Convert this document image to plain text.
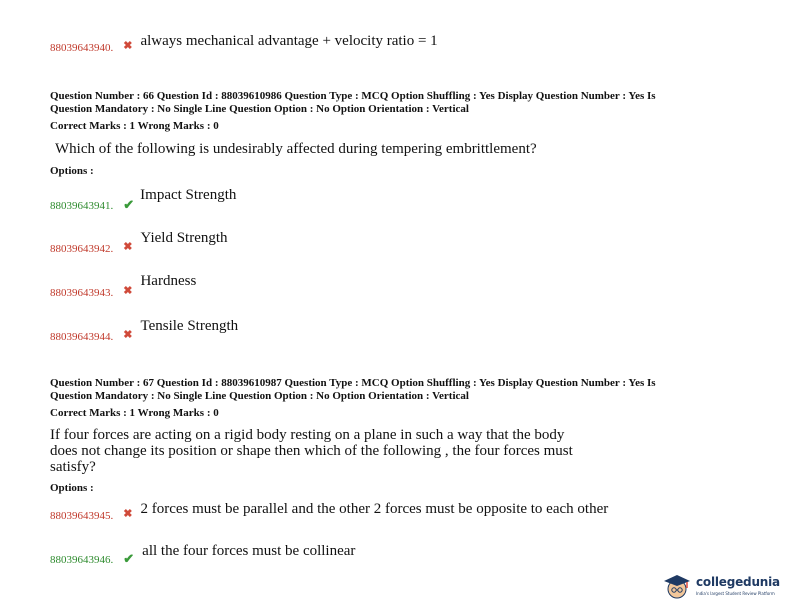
$_{88039643940.}$ ✖ always mechanical advantage + velocity ratio = 1
Question Number : 66 Question Id : 88039610986 Question Type : MCQ Option Shuffling : Yes Display Question Number : Yes Is
Question Mandatory : No Single Line Question Option : No Option Orientation : Vertical
Correct Marks : 1 Wrong Marks : 0
Which of the following is undesirably affected during tempering embrittlement?
Options :
$_{88039643941.}$ ✔ Impact Strength
$_{88039643942.}$ ✖ Yield Strength
$_{88039643943.}$ ✖ Hardness
$_{88039643944.}$ ✖ Tensile Strength
Question Number : 67 Question Id : 88039610987 Question Type : MCQ Option Shuffling : Yes Display Question Number : Yes Is
Question Mandatory : No Single Line Question Option : No Option Orientation : Vertical
Correct Marks : 1 Wrong Marks : 0
If four forces are acting on a rigid body resting on a plane in such a way that the body
does not change its position or shape then which of the following , the four forces must
satisfy?
Options :
$_{88039643945.}$ ✖ 2 forces must be parallel and the other 2 forces must be opposite to each other
$_{88039643946.}$ ✔ all the four forces must be collinear
collegedunia
India's largest Student Review Platform
